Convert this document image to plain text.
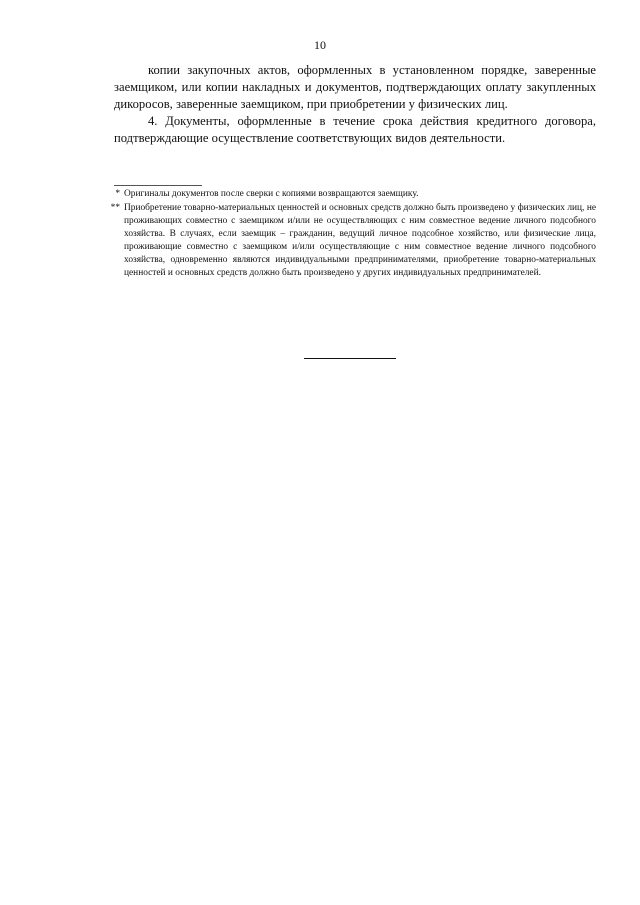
10

копии закупочных актов, оформленных в установленном порядке, заверенные заемщиком, или копии накладных и документов, подтверждающих оплату закупленных дикоросов, заверенные заемщиком, при приобретении у физических лиц.

4. Документы, оформленные в течение срока действия кредитного договора, подтверждающие осуществление соответствующих видов деятельности.

* Оригиналы документов после сверки с копиями возвращаются заемщику.
** Приобретение товарно-материальных ценностей и основных средств должно быть произведено у физических лиц, не проживающих совместно с заемщиком и/или не осуществляющих с ним совместное ведение личного подсобного хозяйства. В случаях, если заемщик – гражданин, ведущий личное подсобное хозяйство, или физические лица, проживающие совместно с заемщиком и/или осуществляющие с ним совместное ведение личного подсобного хозяйства, одновременно являются индивидуальными предпринимателями, приобретение товарно-материальных ценностей и основных средств должно быть произведено у других индивидуальных предпринимателей.
